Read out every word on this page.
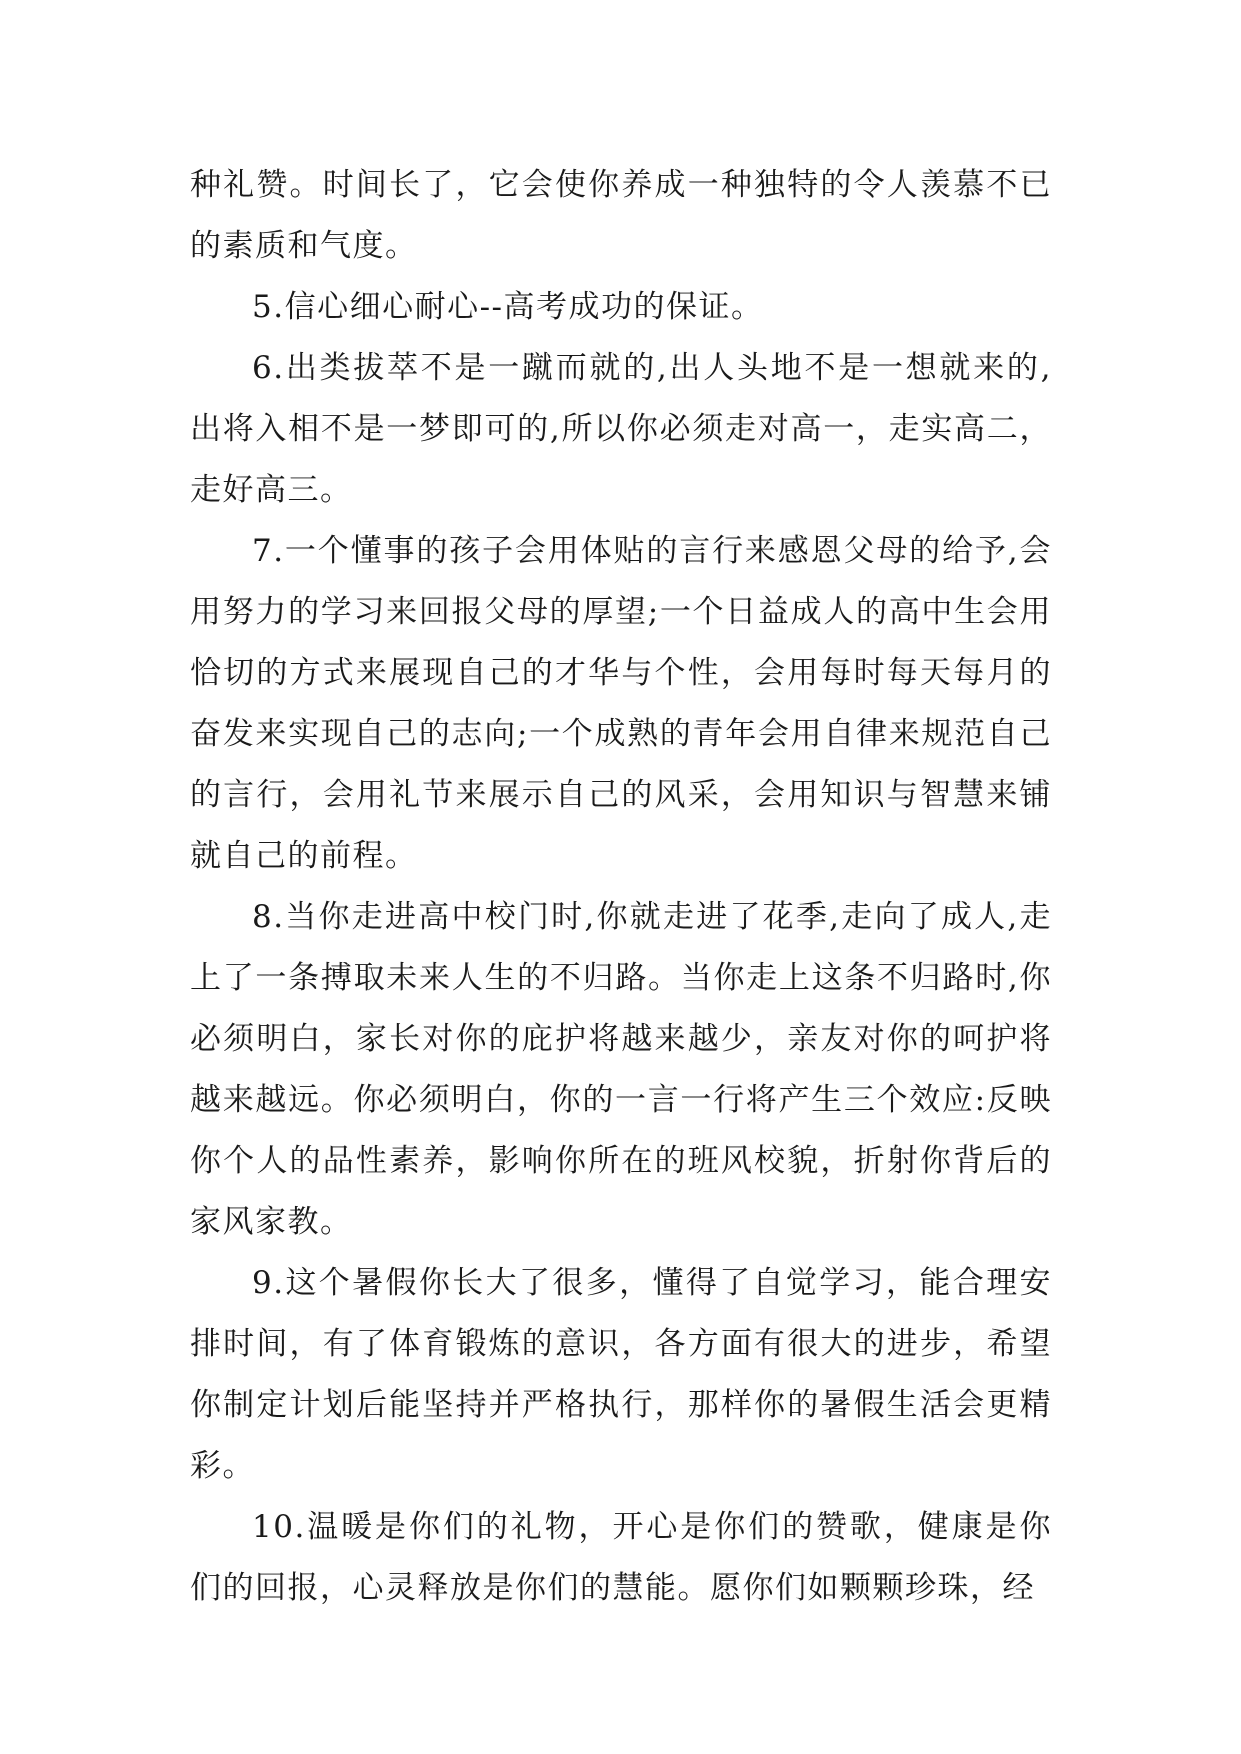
种礼赞。时间长了，它会使你养成一种独特的令人羡慕不已的素质和气度。

5.信心细心耐心--高考成功的保证。

6.出类拔萃不是一蹴而就的,出人头地不是一想就来的,出将入相不是一梦即可的,所以你必须走对高一，走实高二，走好高三。

7.一个懂事的孩子会用体贴的言行来感恩父母的给予,会用努力的学习来回报父母的厚望;一个日益成人的高中生会用恰切的方式来展现自己的才华与个性，会用每时每天每月的奋发来实现自己的志向;一个成熟的青年会用自律来规范自己的言行，会用礼节来展示自己的风采，会用知识与智慧来铺就自己的前程。

8.当你走进高中校门时,你就走进了花季,走向了成人,走上了一条搏取未来人生的不归路。当你走上这条不归路时,你必须明白，家长对你的庇护将越来越少，亲友对你的呵护将越来越远。你必须明白，你的一言一行将产生三个效应:反映你个人的品性素养，影响你所在的班风校貌，折射你背后的家风家教。

9.这个暑假你长大了很多，懂得了自觉学习，能合理安排时间，有了体育锻炼的意识，各方面有很大的进步，希望你制定计划后能坚持并严格执行，那样你的暑假生活会更精彩。

10.温暖是你们的礼物，开心是你们的赞歌，健康是你们的回报，心灵释放是你们的慧能。愿你们如颗颗珍珠，经
